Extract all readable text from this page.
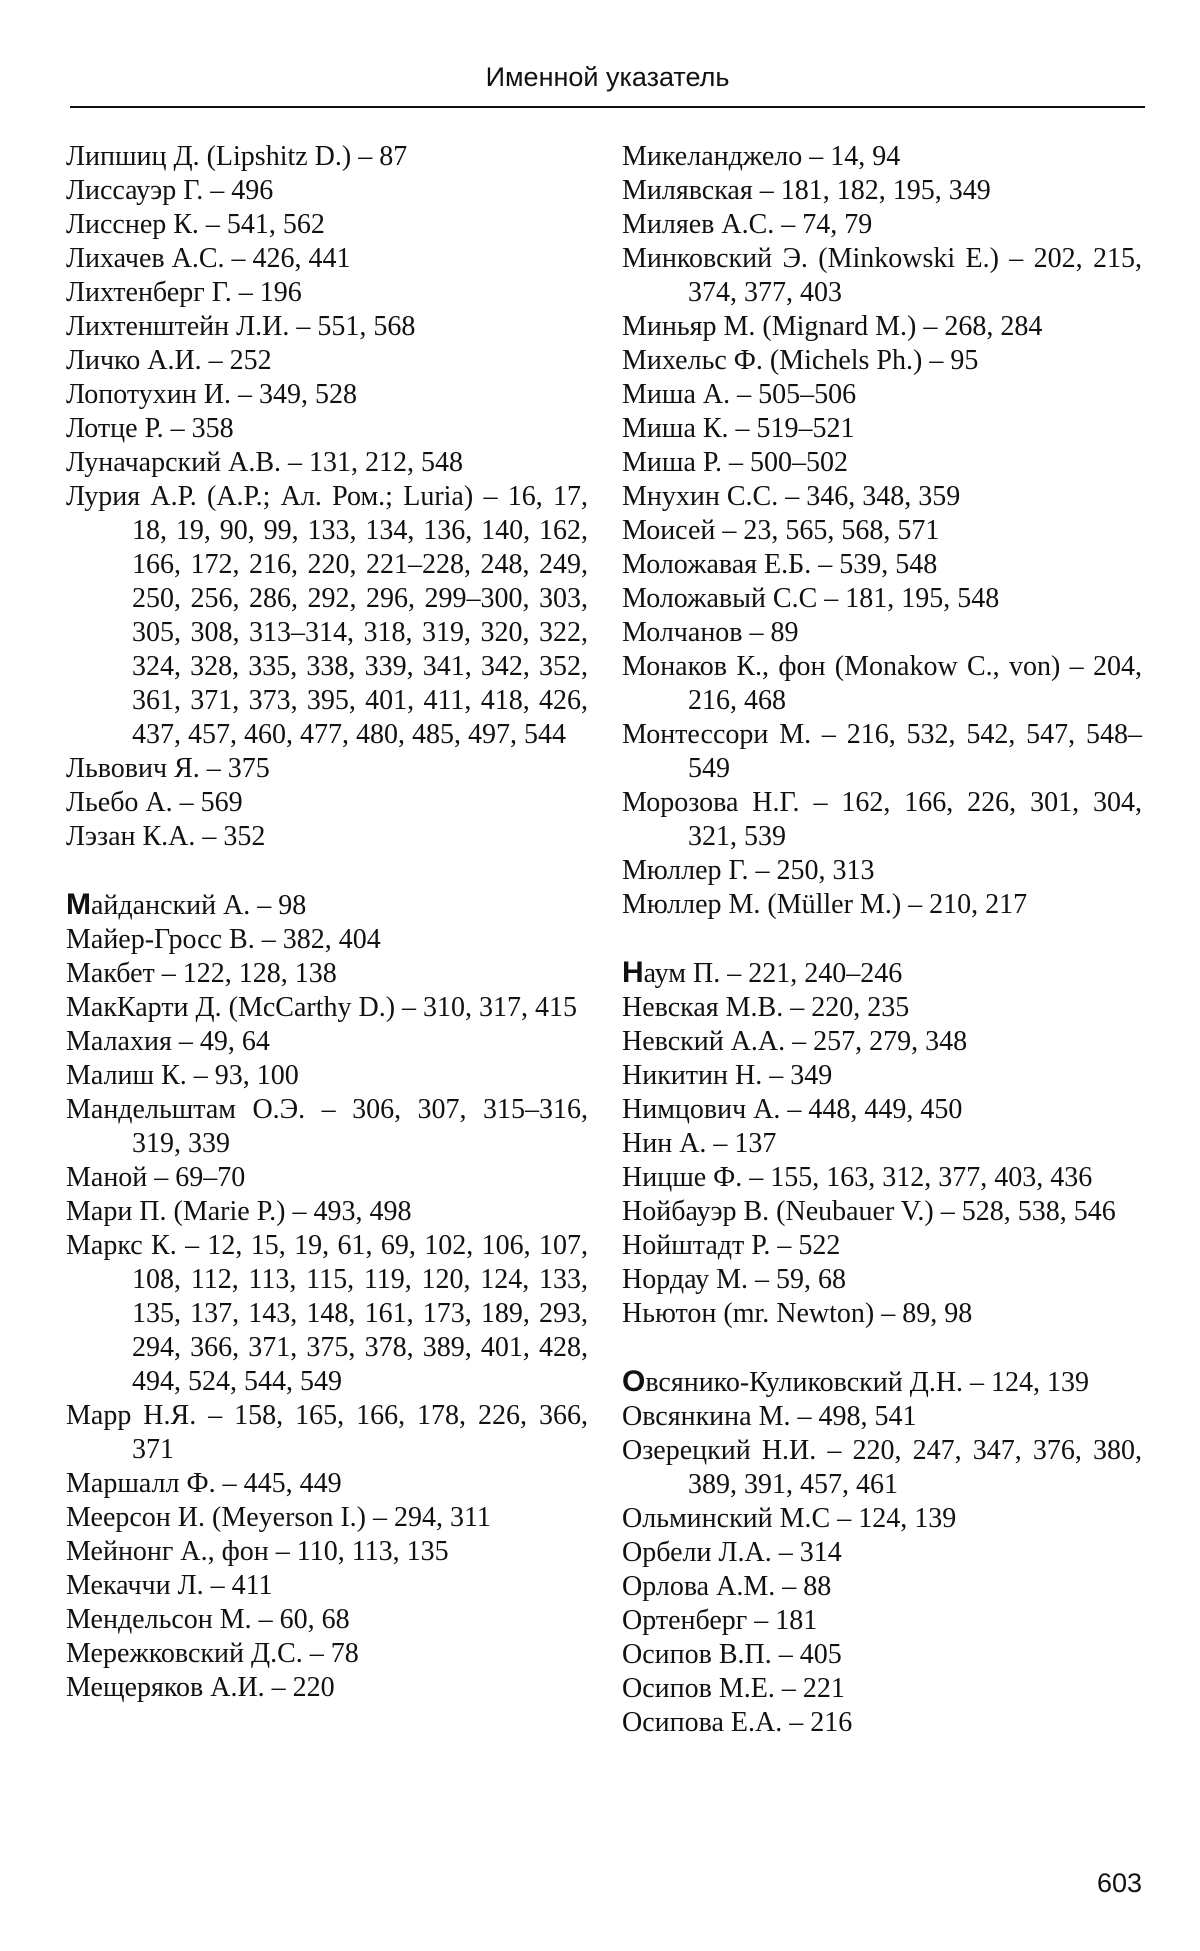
Именной указатель

Липшиц Д. (Lipshitz D.) – 87

Лиссауэр Г. – 496

Лисснер К. – 541, 562

Лихачев А.С. – 426, 441

Лихтенберг Г. – 196

Лихтенштейн Л.И. – 551, 568

Личко А.И. – 252

Лопотухин И. – 349, 528

Лотце Р. – 358

Луначарский А.В. – 131, 212, 548

Лурия А.Р. (А.Р.; Ал. Ром.; Luria) – 16, 17, 18, 19, 90, 99, 133, 134, 136, 140, 162, 166, 172, 216, 220, 221–228, 248, 249, 250, 256, 286, 292, 296, 299–300, 303, 305, 308, 313–314, 318, 319, 320, 322, 324, 328, 335, 338, 339, 341, 342, 352, 361, 371, 373, 395, 401, 411, 418, 426, 437, 457, 460, 477, 480, 485, 497, 544

Львович Я. – 375

Льебо А. – 569

Лэзан К.А. – 352

Майданский А. – 98

Майер-Гросс В. – 382, 404

Макбет – 122, 128, 138

МакКарти Д. (McCarthy D.) – 310, 317, 415

Малахия – 49, 64

Малиш К. – 93, 100

Мандельштам О.Э. – 306, 307, 315–316, 319, 339

Маной – 69–70

Мари П. (Marie P.) – 493, 498

Маркс К. – 12, 15, 19, 61, 69, 102, 106, 107, 108, 112, 113, 115, 119, 120, 124, 133, 135, 137, 143, 148, 161, 173, 189, 293, 294, 366, 371, 375, 378, 389, 401, 428, 494, 524, 544, 549

Марр Н.Я. – 158, 165, 166, 178, 226, 366, 371

Маршалл Ф. – 445, 449

Меерсон И. (Meyerson I.) – 294, 311

Мейнонг А., фон – 110, 113, 135

Мекаччи Л. – 411

Мендельсон М. – 60, 68

Мережковский Д.С. – 78

Мещеряков А.И. – 220

Микеланджело – 14, 94

Милявская – 181, 182, 195, 349

Миляев А.С. – 74, 79

Минковский Э. (Minkowski E.) – 202, 215, 374, 377, 403

Миньяр М. (Mignard M.) – 268, 284

Михельс Ф. (Michels Ph.) – 95

Миша А. – 505–506

Миша К. – 519–521

Миша Р. – 500–502

Мнухин С.С. – 346, 348, 359

Моисей – 23, 565, 568, 571

Моложавая Е.Б. – 539, 548

Моложавый С.С – 181, 195, 548

Молчанов – 89

Монаков К., фон (Monakow C., von) – 204, 216, 468

Монтессори М. – 216, 532, 542, 547, 548–549

Морозова Н.Г. – 162, 166, 226, 301, 304, 321, 539

Мюллер Г. – 250, 313

Мюллер М. (Müller M.) – 210, 217

Наум П. – 221, 240–246

Невская М.В. – 220, 235

Невский А.А. – 257, 279, 348

Никитин Н. – 349

Нимцович А. – 448, 449, 450

Нин А. – 137

Ницше Ф. – 155, 163, 312, 377, 403, 436

Нойбауэр В. (Neubauer V.) – 528, 538, 546

Нойштадт Р. – 522

Нордау М. – 59, 68

Ньютон (mr. Newton) – 89, 98

Овсянико-Куликовский Д.Н. – 124, 139

Овсянкина М. – 498, 541

Озерецкий Н.И. – 220, 247, 347, 376, 380, 389, 391, 457, 461

Ольминский М.С – 124, 139

Орбели Л.А. – 314

Орлова А.М. – 88

Ортенберг – 181

Осипов В.П. – 405

Осипов М.Е. – 221

Осипова Е.А. – 216

603
